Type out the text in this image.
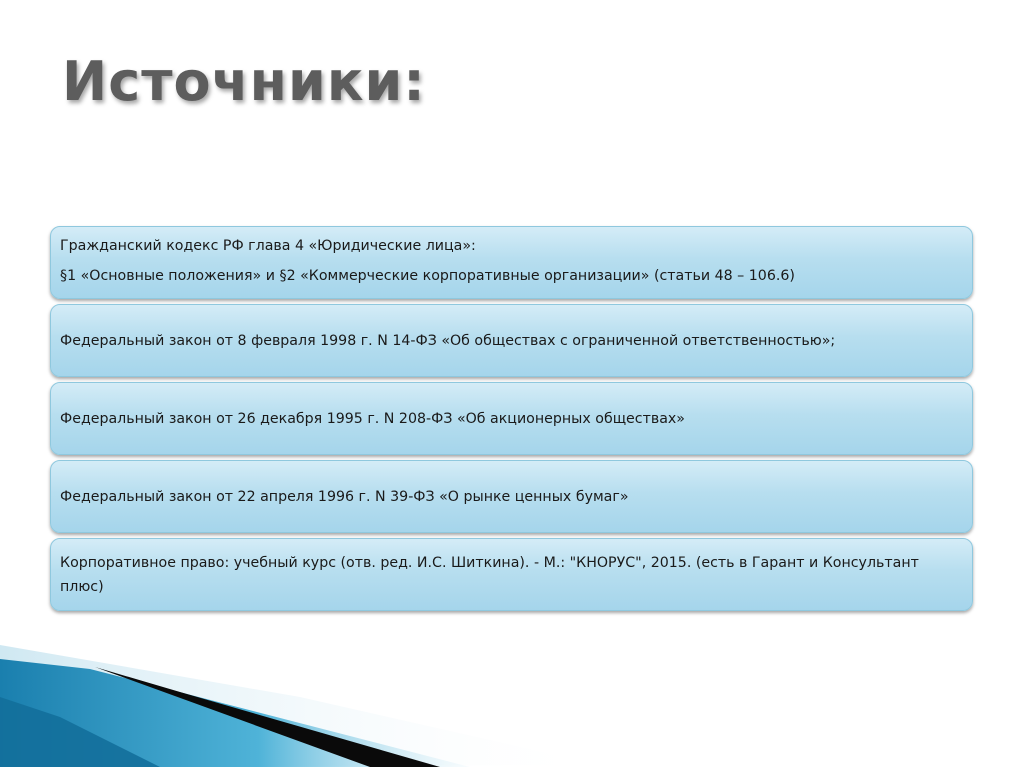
Источники:
Гражданский кодекс РФ глава 4 «Юридические лица»:
§1 «Основные положения» и §2 «Коммерческие корпоративные организации» (статьи 48 – 106.6)
Федеральный закон от 8 февраля 1998 г. N 14-ФЗ «Об обществах с ограниченной ответственностью»;
Федеральный закон от 26 декабря 1995 г. N 208-ФЗ «Об акционерных обществах»
Федеральный закон от 22 апреля 1996 г. N 39-ФЗ «О рынке ценных бумаг»
Корпоративное право: учебный курс (отв. ред. И.С. Шиткина). - М.: "КНОРУС", 2015. (есть в Гарант и Консультант плюс)
